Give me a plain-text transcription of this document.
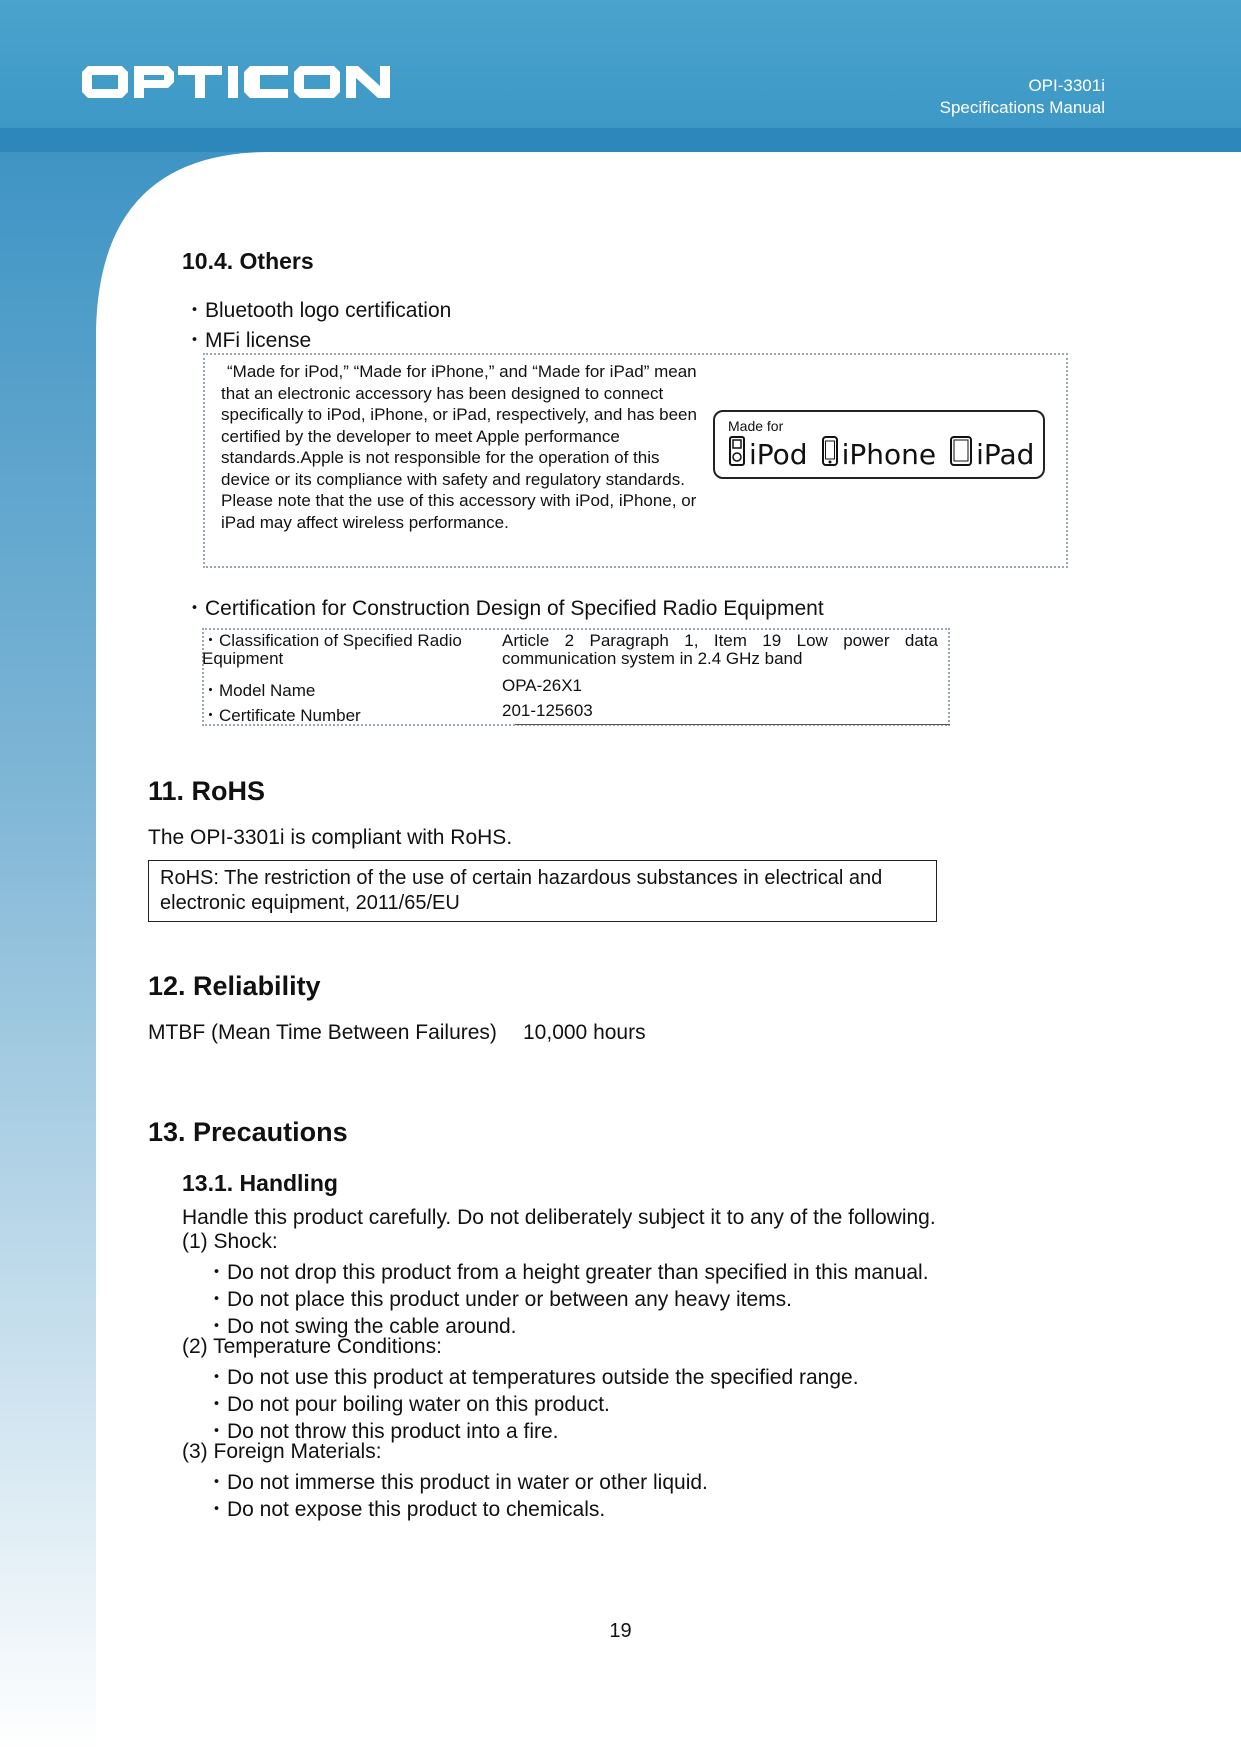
OPI-3301i
Specifications Manual
10.4. Others
・ Bluetooth logo certification
・ MFi license
“Made for iPod,” “Made for iPhone,” and “Made for iPad” mean that an electronic accessory has been designed to connect specifically to iPod, iPhone, or iPad, respectively, and has been certified by the developer to meet Apple performance standards.Apple is not responsible for the operation of this device or its compliance with safety and regulatory standards. Please note that the use of this accessory with iPod, iPhone, or iPad may affect wireless performance.
Made for
iPod iPhone iPad
・ Certification for Construction Design of Specified Radio Equipment
・Classification of Specified Radio Equipment	Article 2 Paragraph 1, Item 19 Low power data communication system in 2.4 GHz band
・Model Name	OPA-26X1
・Certificate Number	201-125603
11. RoHS
The OPI-3301i is compliant with RoHS.
RoHS: The restriction of the use of certain hazardous substances in electrical and electronic equipment, 2011/65/EU
12. Reliability
MTBF (Mean Time Between Failures) 10,000 hours
13. Precautions
13.1. Handling
Handle this product carefully. Do not deliberately subject it to any of the following.
(1) Shock:
・ Do not drop this product from a height greater than specified in this manual.
・ Do not place this product under or between any heavy items.
・ Do not swing the cable around.
(2) Temperature Conditions:
・ Do not use this product at temperatures outside the specified range.
・ Do not pour boiling water on this product.
・ Do not throw this product into a fire.
(3) Foreign Materials:
・ Do not immerse this product in water or other liquid.
・ Do not expose this product to chemicals.
19
